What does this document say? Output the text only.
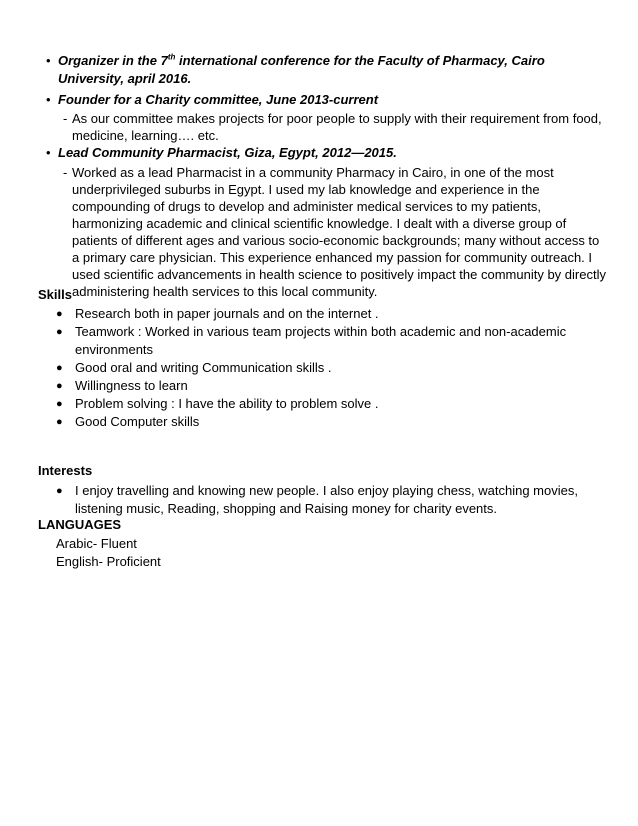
• Organizer in the 7th international conference for the Faculty of Pharmacy, Cairo University, april 2016.
• Founder for a Charity committee, June 2013-current
- As our committee makes projects for poor people to supply with their requirement from food, medicine, learning…. etc.
• Lead Community Pharmacist, Giza, Egypt, 2012—2015.
- Worked as a lead Pharmacist in a community Pharmacy in Cairo, in one of the most underprivileged suburbs in Egypt. I used my lab knowledge and experience in the compounding of drugs to develop and administer medical services to my patients, harmonizing academic and clinical scientific knowledge. I dealt with a diverse group of patients of different ages and various socio-economic backgrounds; many without access to a primary care physician. This experience enhanced my passion for community outreach. I used scientific advancements in health science to positively impact the community by directly administering health services to this local community.
Skills
● Research both in paper journals and on the internet .
● Teamwork : Worked in various team projects within both academic and non-academic environments
● Good oral and writing Communication skills .
● Willingness to learn
● Problem solving : I have the ability to problem solve .
● Good Computer skills
Interests
● I enjoy travelling and knowing new people. I also enjoy playing chess, watching movies, listening music, Reading, shopping and Raising money for charity events.
LANGUAGES
Arabic- Fluent
English- Proficient
